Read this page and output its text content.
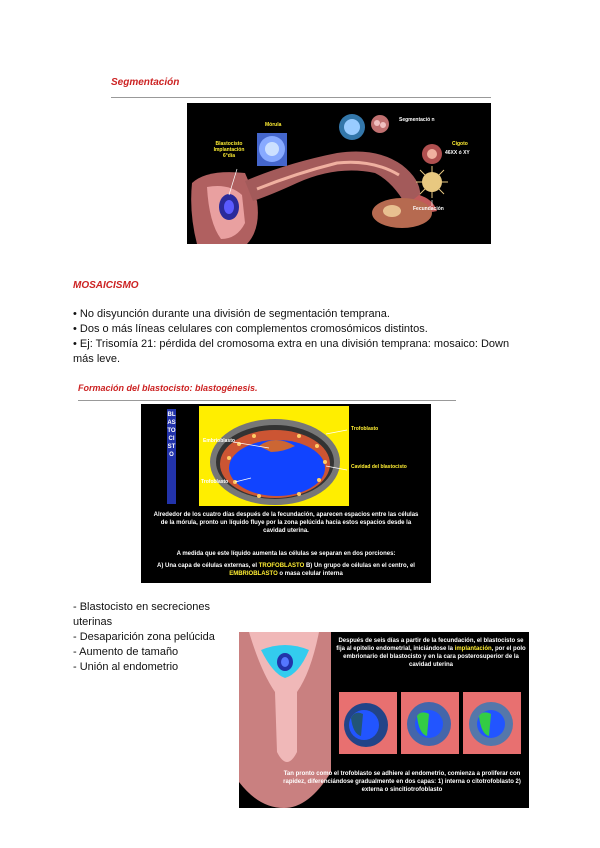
Segmentación
Mórula
Segmentació n
Blastocisto Implantación 6°día
Cigoto
46XX ó XY
Fecundación
MOSAICISMO
• No disyunción durante una división de segmentación temprana.
• Dos o más líneas celulares con complementos cromosómicos distintos.
• Ej: Trisomía 21: pérdida del cromosoma extra en una división temprana: mosaico: Down más leve.
Formación del blastocisto: blastogénesis.
BLASTOCISTO
Embrioblasto
Trofoblasto
Cavidad del blastocisto
Trofoblasto
Alrededor de los cuatro días después de la fecundación, aparecen espacios entre las células de la mórula, pronto un líquido fluye por la zona pelúcida hacia estos espacios desde la cavidad uterina.
A medida que este líquido aumenta las células se separan en dos porciones:
A) Una capa de células externas, el TROFOBLASTO B) Un grupo de células en el centro, el EMBRIOBLASTO o masa celular interna
- Blastocisto en secreciones uterinas
- Desaparición zona pelúcida
- Aumento de tamaño
- Unión al endometrio
Después de seis días a partir de la fecundación, el blastocisto se fija al epitelio endometrial, iniciándose la implantación, por el polo embrionario del blastocisto y en la cara posterosuperior de la cavidad uterina
Tan pronto como el trofoblasto se adhiere al endometrio, comienza a proliferar con rapidez, diferenciándose gradualmente en dos capas: 1) interna o citotrofoblasto 2) externa o sincitiotrofoblasto
